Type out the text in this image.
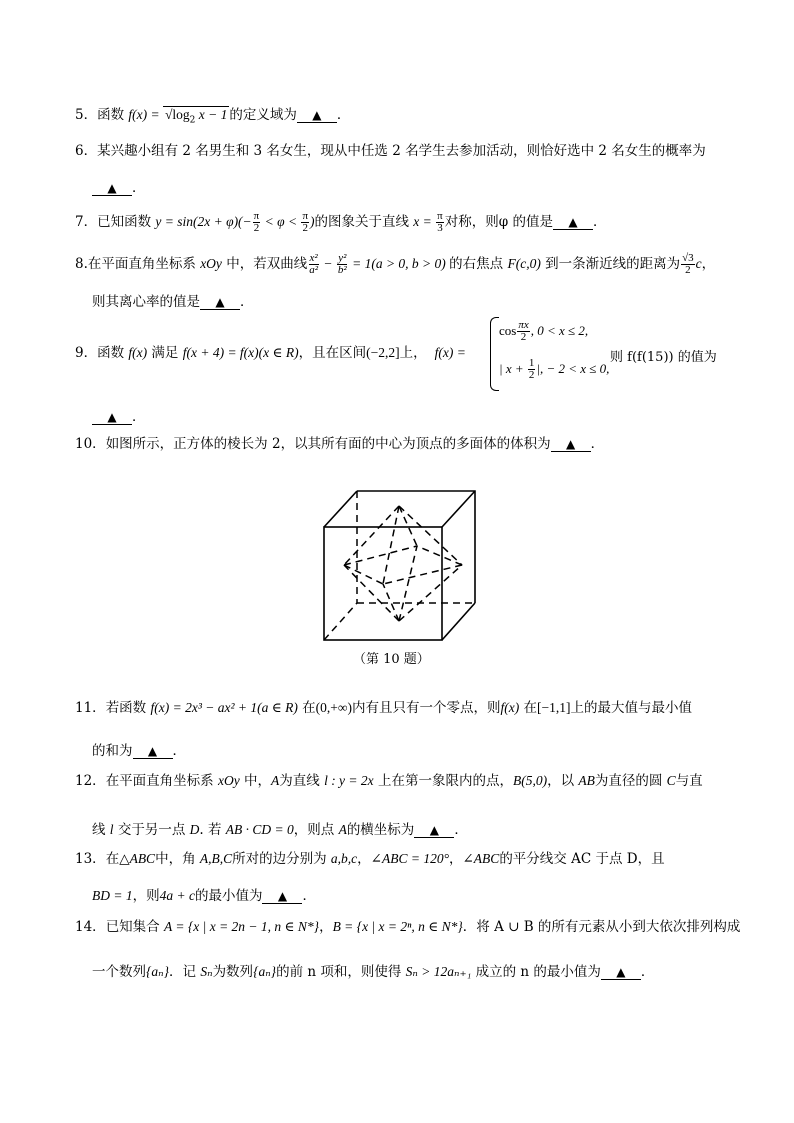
5．函数 $f(x) = √\log_2$ x − 1 的定义域为 ▲ ．
6．某兴趣小组有 2 名男生和 3 名女生，现从中任选 2 名学生去参加活动，则恰好选中 2 名女生的概率为
▲ ．
7．已知函数 $y = \sin(2x + \varphi)(- \frac{\pi}{2} < \varphi < \frac{\pi}{2}$ )的图象关于直线 $x = \frac{\pi}{3}$ 对称，则φ 的值是 ▲ ．
8.在平面直角坐标系 xOy 中，若双曲线 $\frac{\text{x²}}{\text{a²}} - \frac{\text{y²}}{\text{b²}} = 1(a > 0$, b > 0) 的右焦点 F(c,0) 到一条渐近线的距离为 $\frac{√3}{2}$ c，
则其离心率的值是 ▲ ．
9．函数 f(x) 满足 f(x + 4) = f(x)(x ∈ R)，且在区间(−2,2]上， f(x) =
$\cos \frac{\pi x}{2}$ , 0 < x ≤ 2,
| $x + \frac{1}{2}$ |, − 2 < x ≤ 0,
则 f(f(15)) 的值为
▲ ．
10．如图所示，正方体的棱长为 2，以其所有面的中心为顶点的多面体的体积为 ▲ ．
（第 10 题）
11．若函数 f(x) = 2x³ − ax² + 1(a ∈ R) 在(0,+∞)内有且只有一个零点，则f(x) 在[−1,1]上的最大值与最小值
的和为 ▲ ．
12．在平面直角坐标系 xOy 中，A为直线 l : y = 2x 上在第一象限内的点，B(5,0)，以 AB为直径的圆 C与直
线 l 交于另一点 D. 若 AB · CD = 0，则点 A的横坐标为 ▲ ．
13．在△ABC中，角 A,B,C所对的边分别为 a,b,c，∠ABC = 120°，∠ABC的平分线交 AC 于点 D，且
BD = 1，则4a + c的最小值为 ▲ ．
14．已知集合 A = {x | x = 2n − 1, n ∈ N*}，B = {x | x = 2ⁿ, n ∈ N*}．将 A ∪ B 的所有元素从小到大依次排列构成
一个数列{aₙ}．记 Sₙ为数列{aₙ}的前 n 项和，则使得 Sₙ > 12aₙ₊₁ 成立的 n 的最小值为 ▲ ．
